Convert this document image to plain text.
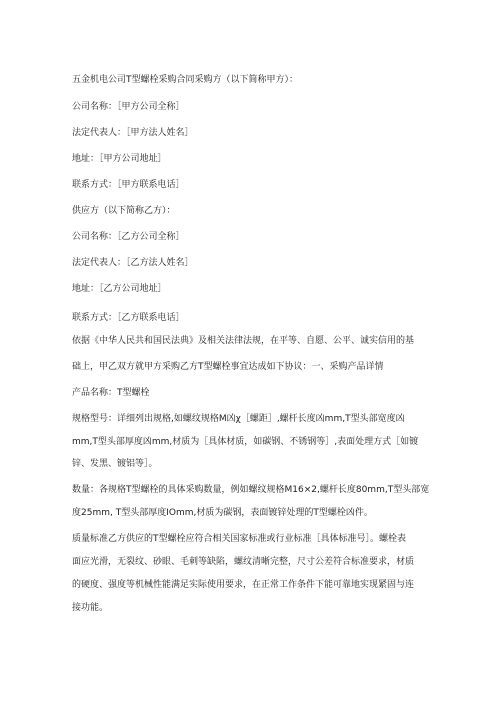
五金机电公司T型螺栓采购合同采购方（以下简称甲方）：
公司名称：［甲方公司全称］
法定代表人：［甲方法人姓名］
地址：［甲方公司地址］
联系方式：［甲方联系电话］
供应方（以下简称乙方）：
公司名称：［乙方公司全称］
法定代表人：［乙方法人姓名］
地址：［乙方公司地址］
联系方式：［乙方联系电话］
依据《中华人民共和国民法典》及相关法律法规，在平等、自愿、公平、诚实信用的基
础上，甲乙双方就甲方采购乙方T型螺栓事宜达成如下协议：一、采购产品详情
产品名称：T型螺栓
规格型号：详细列出规格,如螺纹规格M凶χ［螺距］,螺杆长度凶mm,T型头部宽度凶
mm,T型头部厚度凶mm,材质为［具体材质，如碳钢、不锈钢等］,表面处理方式［如镀
锌、发黑、镀铝等］。
数量：各规格T型螺栓的具体采购数量，例如螺纹规格M16×2,螺杆长度80mm,T型头部宽
度25mm, T型头部厚度IOmm,材质为碳钢，表面镀锌处理的T型螺栓凶件。
质量标准乙方供应的T型螺栓应符合相关国家标准或行业标准［具体标准号］。螺栓表
面应光滑，无裂纹、砂眼、毛刺等缺陷，螺纹清晰完整，尺寸公差符合标准要求，材质
的硬度、强度等机械性能满足实际使用要求，在正常工作条件下能可靠地实现紧固与连
接功能。
